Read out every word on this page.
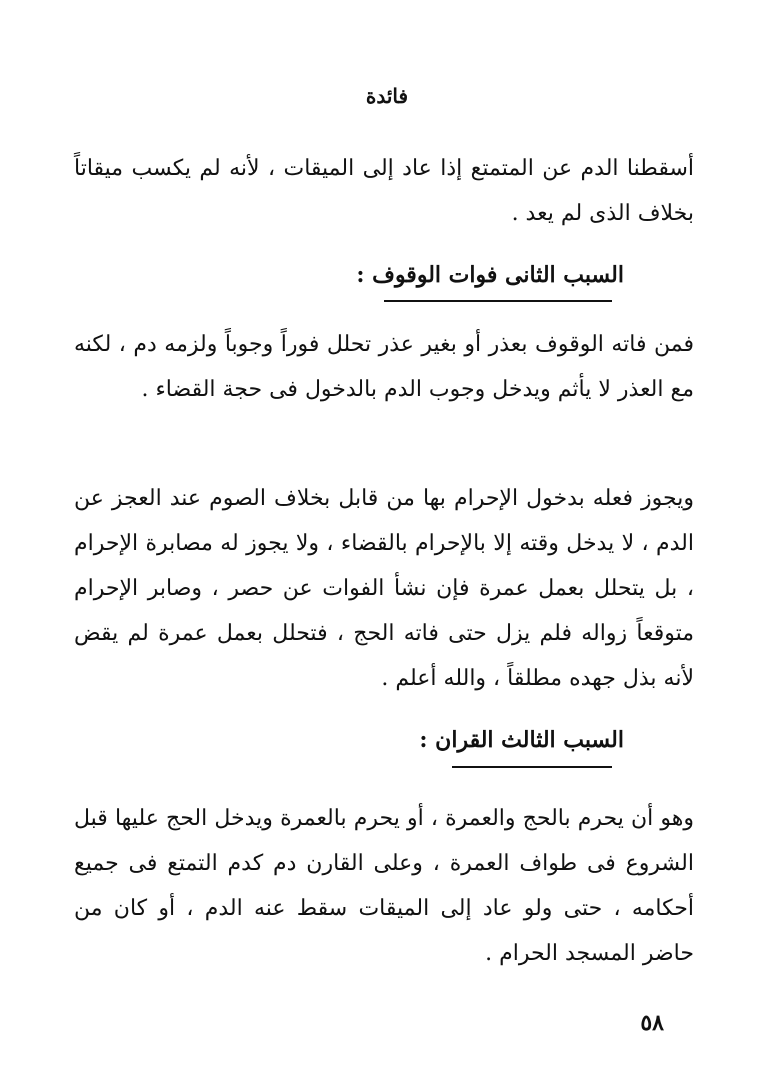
فائدة
أسقطنا الدم عن المتمتع إذا عاد إلى الميقات ، لأنه لم يكسب ميقاتاً بخلاف الذى لم يعد .
السبب الثانى فوات الوقوف :
فمن فاته الوقوف بعذر أو بغير عذر تحلل فوراً وجوباً ولزمه دم ، لكنه مع العذر لا يأثم ويدخل وجوب الدم بالدخول فى حجة القضاء .
ويجوز فعله بدخول الإحرام بها من قابل بخلاف الصوم عند العجز عن الدم ، لا يدخل وقته إلا بالإحرام بالقضاء ، ولا يجوز له مصابرة الإحرام ، بل يتحلل بعمل عمرة فإن نشأ الفوات عن حصر ، وصابر الإحرام متوقعاً زواله فلم يزل حتى فاته الحج ، فتحلل بعمل عمرة لم يقض لأنه بذل جهده مطلقاً ، والله أعلم .
السبب الثالث القران :
وهو أن يحرم بالحج والعمرة ، أو يحرم بالعمرة ويدخل الحج عليها قبل الشروع فى طواف العمرة ، وعلى القارن دم كدم التمتع فى جميع أحكامه ، حتى ولو عاد إلى الميقات سقط عنه الدم ، أو كان من حاضر المسجد الحرام .
٥٨
